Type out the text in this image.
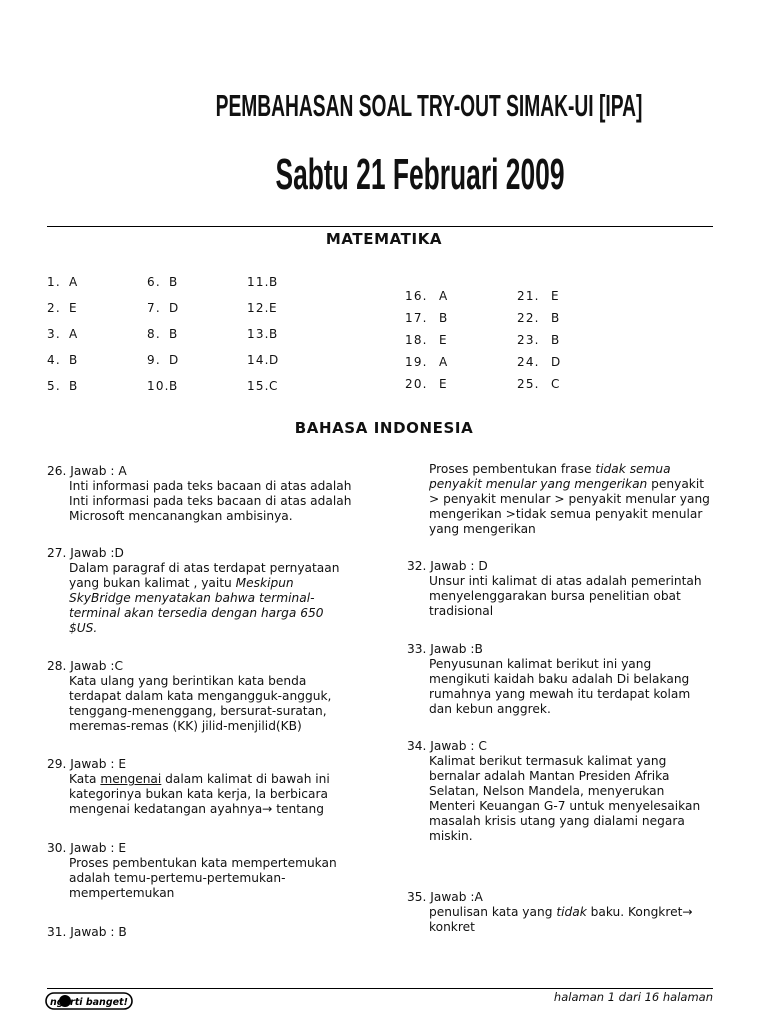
PEMBAHASAN SOAL TRY-OUT SIMAK-UI [IPA]
Sabtu 21 Februari 2009
MATEMATIKA
1. A
2. E
3. A
4. B
5. B
6. B
7. D
8. B
9. D
10.B
11.B
12.E
13.B
14.D
15.C
16. A
17. B
18. E
19. A
20. E
21. E
22. B
23. B
24. D
25. C
BAHASA INDONESIA
26. Jawab : A
Inti informasi pada teks bacaan di atas adalah
Inti informasi pada teks bacaan di atas adalah
Microsoft mencanangkan ambisinya.
27. Jawab :D
Dalam paragraf di atas terdapat pernyataan
yang bukan kalimat , yaitu Meskipun
SkyBridge menyatakan bahwa terminal-
terminal akan tersedia dengan harga 650
$US.
28. Jawab :C
Kata ulang yang berintikan kata benda
terdapat dalam kata mengangguk-angguk,
tenggang-menenggang, bersurat-suratan,
meremas-remas (KK) jilid-menjilid(KB)
29. Jawab : E
Kata mengenai dalam kalimat di bawah ini
kategorinya bukan kata kerja, Ia berbicara
mengenai kedatangan ayahnya→ tentang
30. Jawab : E
Proses pembentukan kata mempertemukan
adalah temu-pertemu-pertemukan-
mempertemukan
31. Jawab : B
Proses pembentukan frase tidak semua
penyakit menular yang mengerikan penyakit
> penyakit menular > penyakit menular yang
mengerikan >tidak semua penyakit menular
yang mengerikan
32. Jawab : D
Unsur inti kalimat di atas adalah pemerintah
menyelenggarakan bursa penelitian obat
tradisional
33. Jawab :B
Penyusunan kalimat berikut ini yang
mengikuti kaidah baku adalah Di belakang
rumahnya yang mewah itu terdapat kolam
dan kebun anggrek.
34. Jawab : C
Kalimat berikut termasuk kalimat yang
bernalar adalah Mantan Presiden Afrika
Selatan, Nelson Mandela, menyerukan
Menteri Keuangan G-7 untuk menyelesaikan
masalah krisis utang yang dialami negara
miskin.
35. Jawab :A
penulisan kata yang tidak baku. Kongkret→
konkret
ngerti banget!	halaman 1 dari 16 halaman
